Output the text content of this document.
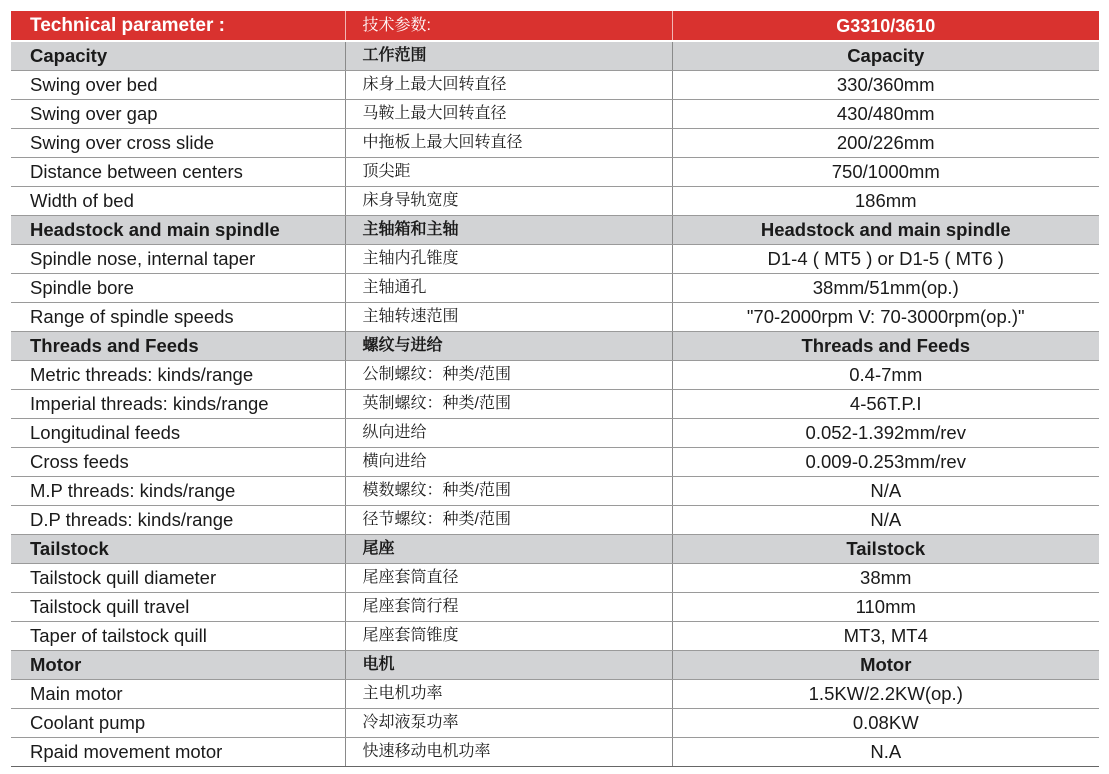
Technical parameter :	技术参数:	G3310/3610
Capacity	工作范围	Capacity
Swing over bed	床身上最大回转直径	330/360mm
Swing over gap	马鞍上最大回转直径	430/480mm
Swing over cross slide	中拖板上最大回转直径	200/226mm
Distance between centers	顶尖距	750/1000mm
Width of bed	床身导轨宽度	186mm
Headstock and main spindle	主轴箱和主轴	Headstock and main spindle
Spindle nose, internal taper	主轴内孔锥度	D1-4 ( MT5 ) or D1-5 ( MT6 )
Spindle bore	主轴通孔	38mm/51mm(op.)
Range of spindle speeds	主轴转速范围	"70-2000rpm V: 70-3000rpm(op.)"
Threads and Feeds	螺纹与进给	Threads and Feeds
Metric threads: kinds/range	公制螺纹：种类/范围	0.4-7mm
Imperial threads: kinds/range	英制螺纹：种类/范围	4-56T.P.I
Longitudinal feeds	纵向进给	0.052-1.392mm/rev
Cross feeds	横向进给	0.009-0.253mm/rev
M.P threads: kinds/range	模数螺纹：种类/范围	N/A
D.P threads: kinds/range	径节螺纹：种类/范围	N/A
Tailstock	尾座	Tailstock
Tailstock quill diameter	尾座套筒直径	38mm
Tailstock quill travel	尾座套筒行程	110mm
Taper of tailstock quill	尾座套筒锥度	MT3, MT4
Motor	电机	Motor
Main motor	主电机功率	1.5KW/2.2KW(op.)
Coolant pump	冷却液泵功率	0.08KW
Rpaid movement motor	快速移动电机功率	N.A
